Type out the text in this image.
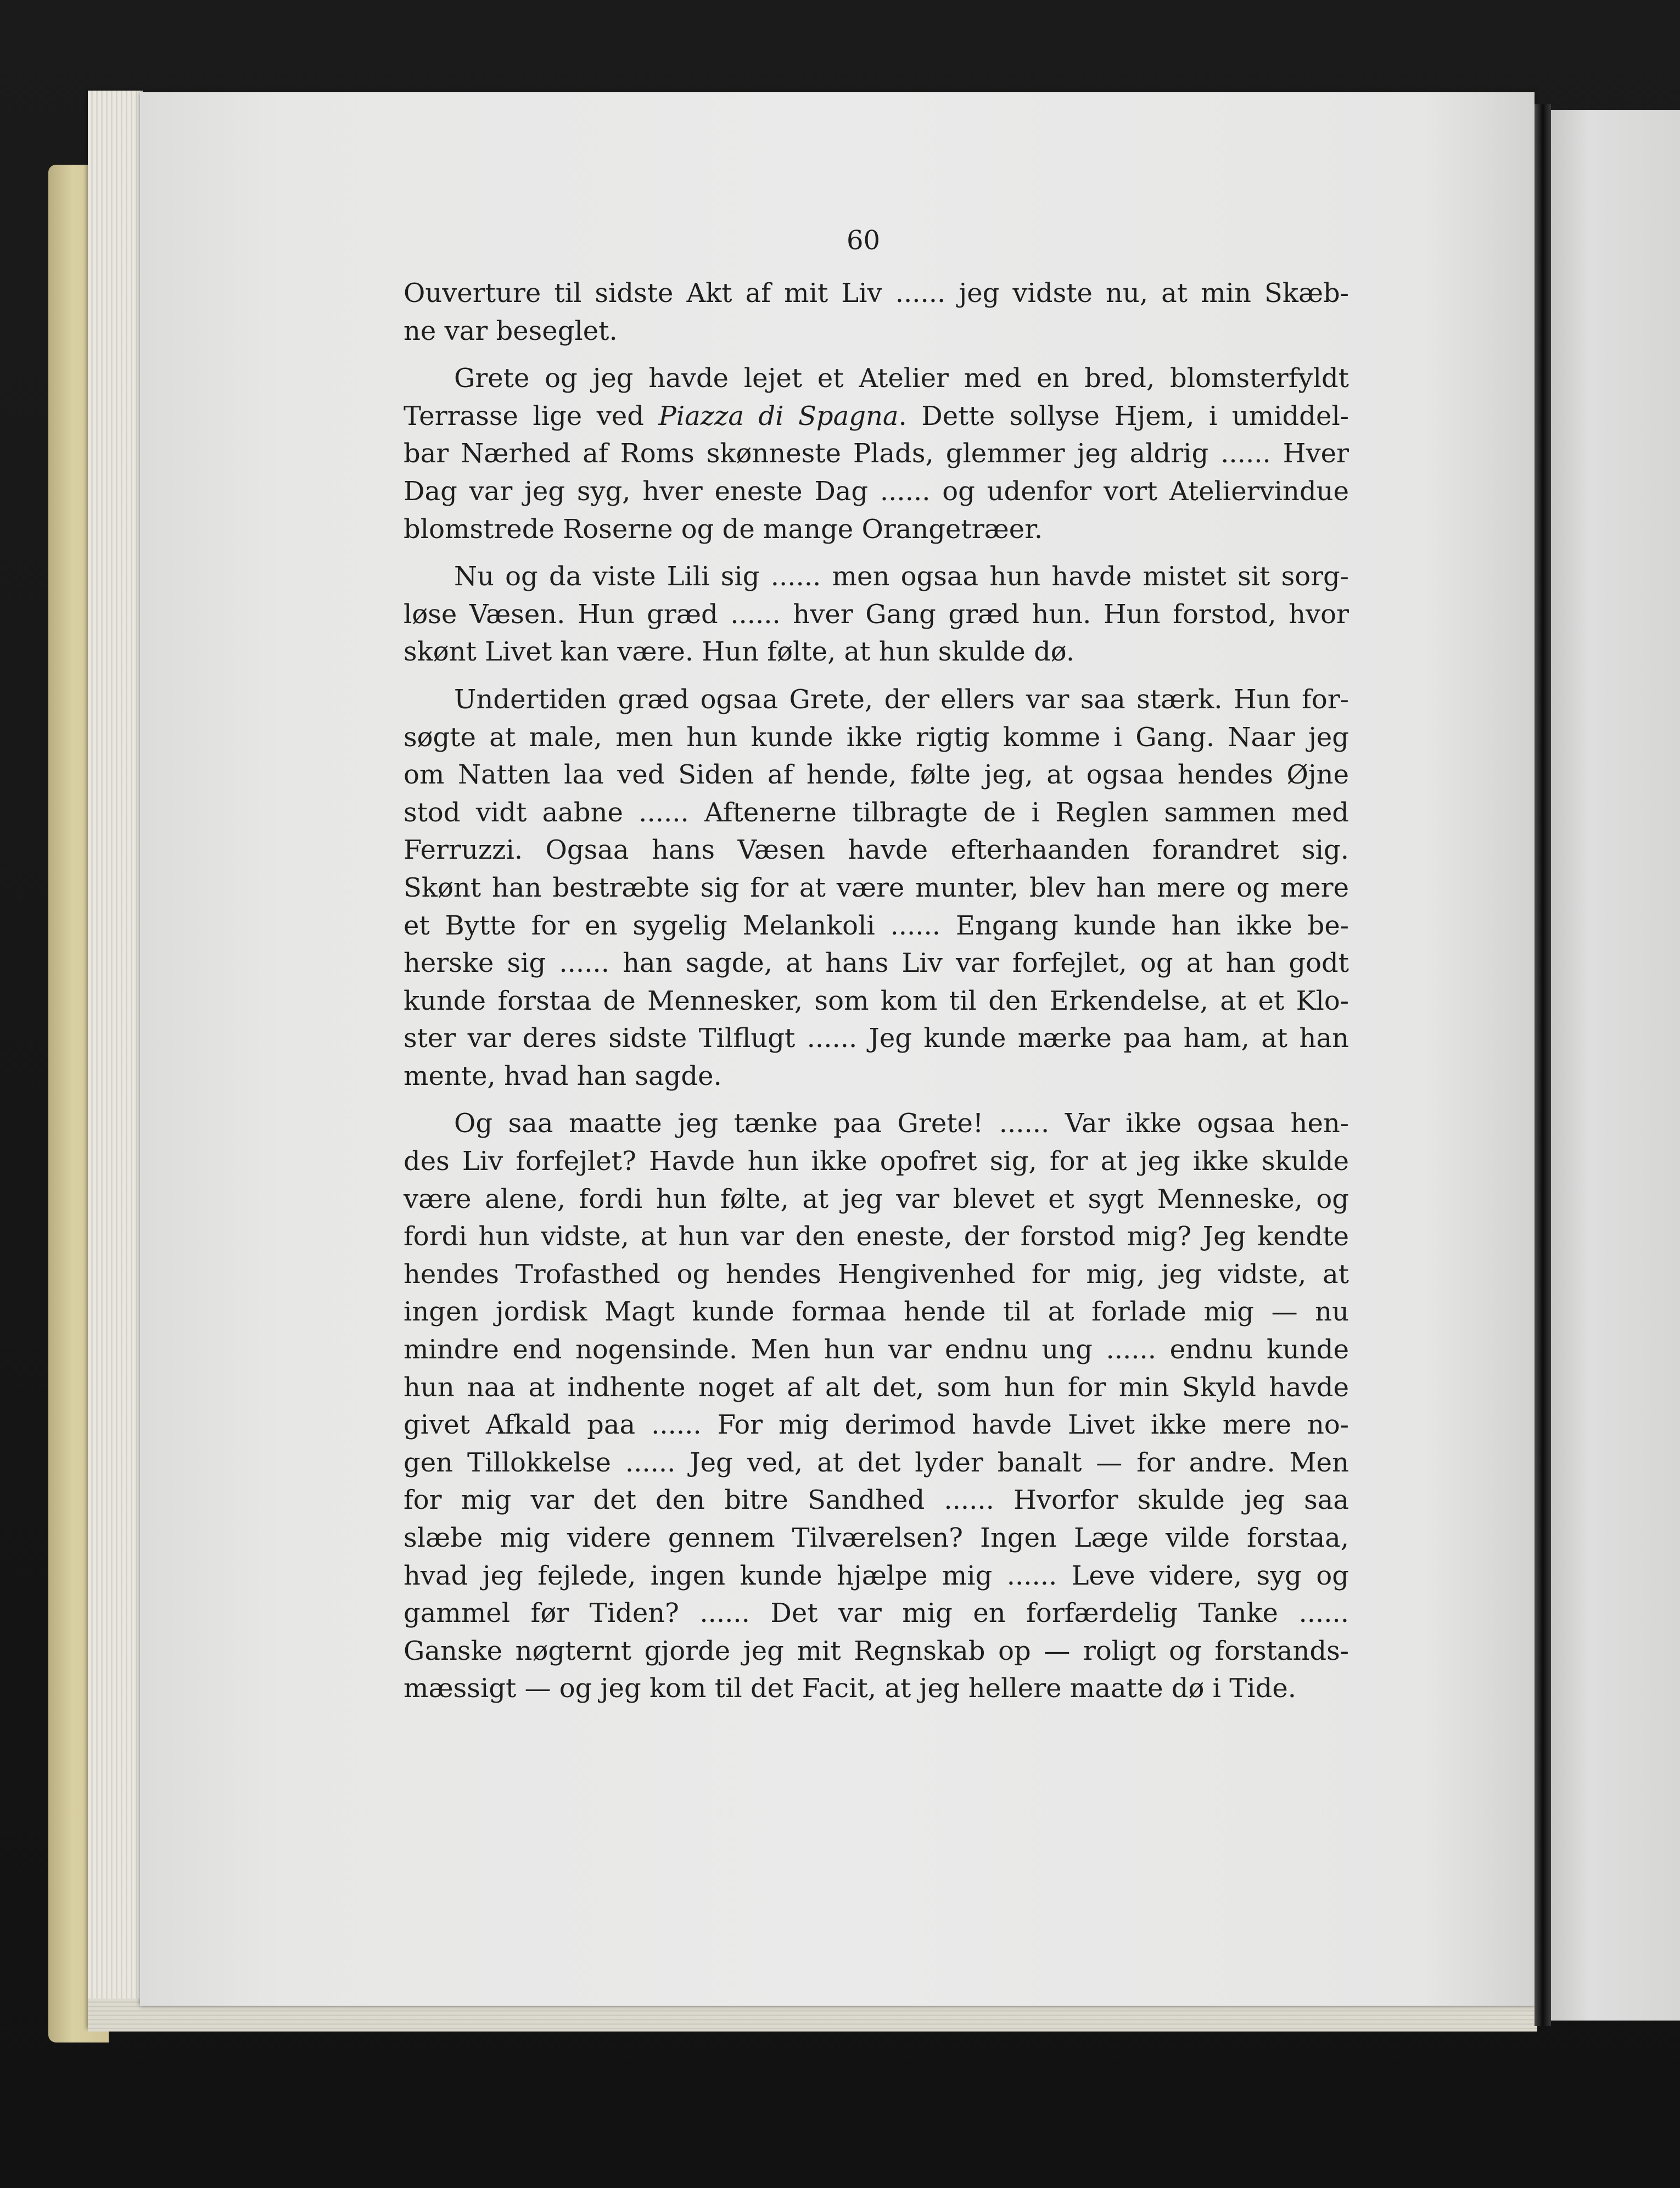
60
Ouverture til sidste Akt af mit Liv ...... jeg vidste nu, at min Skæb-
ne var beseglet.
Grete og jeg havde lejet et Atelier med en bred, blomsterfyldt
Terrasse lige ved Piazza di Spagna. Dette sollyse Hjem, i umiddel-
bar Nærhed af Roms skønneste Plads, glemmer jeg aldrig ...... Hver
Dag var jeg syg, hver eneste Dag ...... og udenfor vort Ateliervindue
blomstrede Roserne og de mange Orangetræer.
Nu og da viste Lili sig ...... men ogsaa hun havde mistet sit sorg-
løse Væsen. Hun græd ...... hver Gang græd hun. Hun forstod, hvor
skønt Livet kan være. Hun følte, at hun skulde dø.
Undertiden græd ogsaa Grete, der ellers var saa stærk. Hun for-
søgte at male, men hun kunde ikke rigtig komme i Gang. Naar jeg
om Natten laa ved Siden af hende, følte jeg, at ogsaa hendes Øjne
stod vidt aabne ...... Aftenerne tilbragte de i Reglen sammen med
Ferruzzi. Ogsaa hans Væsen havde efterhaanden forandret sig.
Skønt han bestræbte sig for at være munter, blev han mere og mere
et Bytte for en sygelig Melankoli ...... Engang kunde han ikke be-
herske sig ...... han sagde, at hans Liv var forfejlet, og at han godt
kunde forstaa de Mennesker, som kom til den Erkendelse, at et Klo-
ster var deres sidste Tilflugt ...... Jeg kunde mærke paa ham, at han
mente, hvad han sagde.
Og saa maatte jeg tænke paa Grete! ...... Var ikke ogsaa hen-
des Liv forfejlet? Havde hun ikke opofret sig, for at jeg ikke skulde
være alene, fordi hun følte, at jeg var blevet et sygt Menneske, og
fordi hun vidste, at hun var den eneste, der forstod mig? Jeg kendte
hendes Trofasthed og hendes Hengivenhed for mig, jeg vidste, at
ingen jordisk Magt kunde formaa hende til at forlade mig — nu
mindre end nogensinde. Men hun var endnu ung ...... endnu kunde
hun naa at indhente noget af alt det, som hun for min Skyld havde
givet Afkald paa ...... For mig derimod havde Livet ikke mere no-
gen Tillokkelse ...... Jeg ved, at det lyder banalt — for andre. Men
for mig var det den bitre Sandhed ...... Hvorfor skulde jeg saa
slæbe mig videre gennem Tilværelsen? Ingen Læge vilde forstaa,
hvad jeg fejlede, ingen kunde hjælpe mig ...... Leve videre, syg og
gammel før Tiden? ...... Det var mig en forfærdelig Tanke ......
Ganske nøgternt gjorde jeg mit Regnskab op — roligt og forstands-
mæssigt — og jeg kom til det Facit, at jeg hellere maatte dø i Tide.
